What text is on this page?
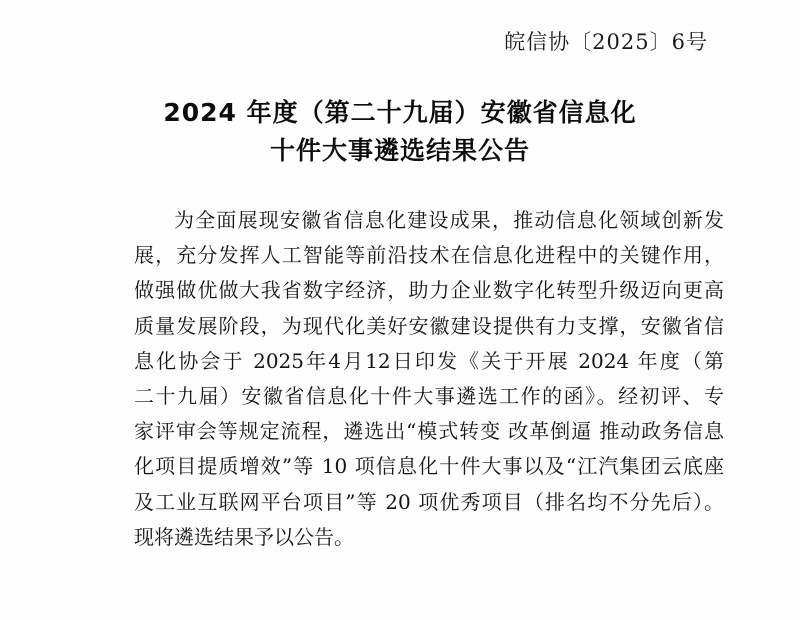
皖信协〔2025〕6号
2024 年度（第二十九届）安徽省信息化
十件大事遴选结果公告
为全面展现安徽省信息化建设成果，推动信息化领域创新发
展，充分发挥人工智能等前沿技术在信息化进程中的关键作用，
做强做优做大我省数字经济，助力企业数字化转型升级迈向更高
质量发展阶段，为现代化美好安徽建设提供有力支撑，安徽省信
息化协会于 2025年4月12日印发《关于开展 2024 年度（第
二十九届）安徽省信息化十件大事遴选工作的函》。经初评、专
家评审会等规定流程，遴选出“模式转变 改革倒逼 推动政务信息
化项目提质增效”等 10 项信息化十件大事以及“江汽集团云底座
及工业互联网平台项目”等 20 项优秀项目（排名均不分先后）。
现将遴选结果予以公告。
